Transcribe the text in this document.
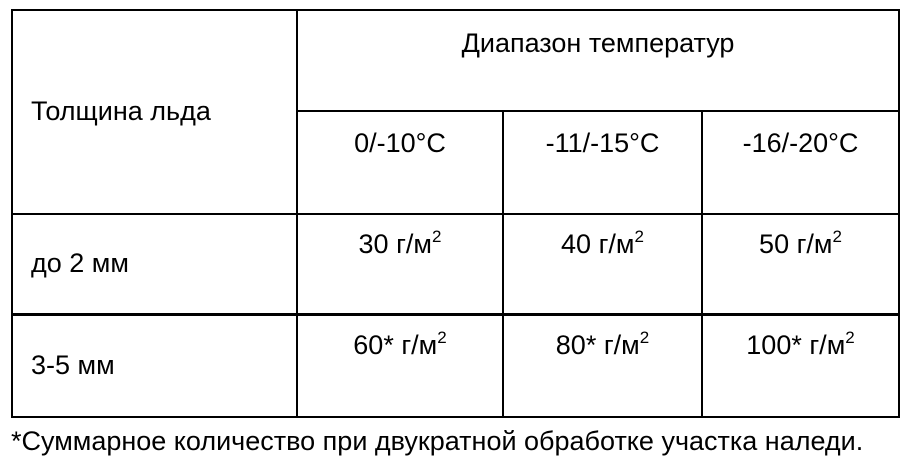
Толщина льда	Диапазон температур		
	0/-10°C	-11/-15°C	-16/-20°C
до 2 мм	30 $г/м^2$	40 $г/м^2$	50 $г/м^2$
3-5 мм	60* $г/м^2$	80* $г/м^2$	100* $г/м^2$

*Суммарное количество при двукратной обработке участка наледи.
